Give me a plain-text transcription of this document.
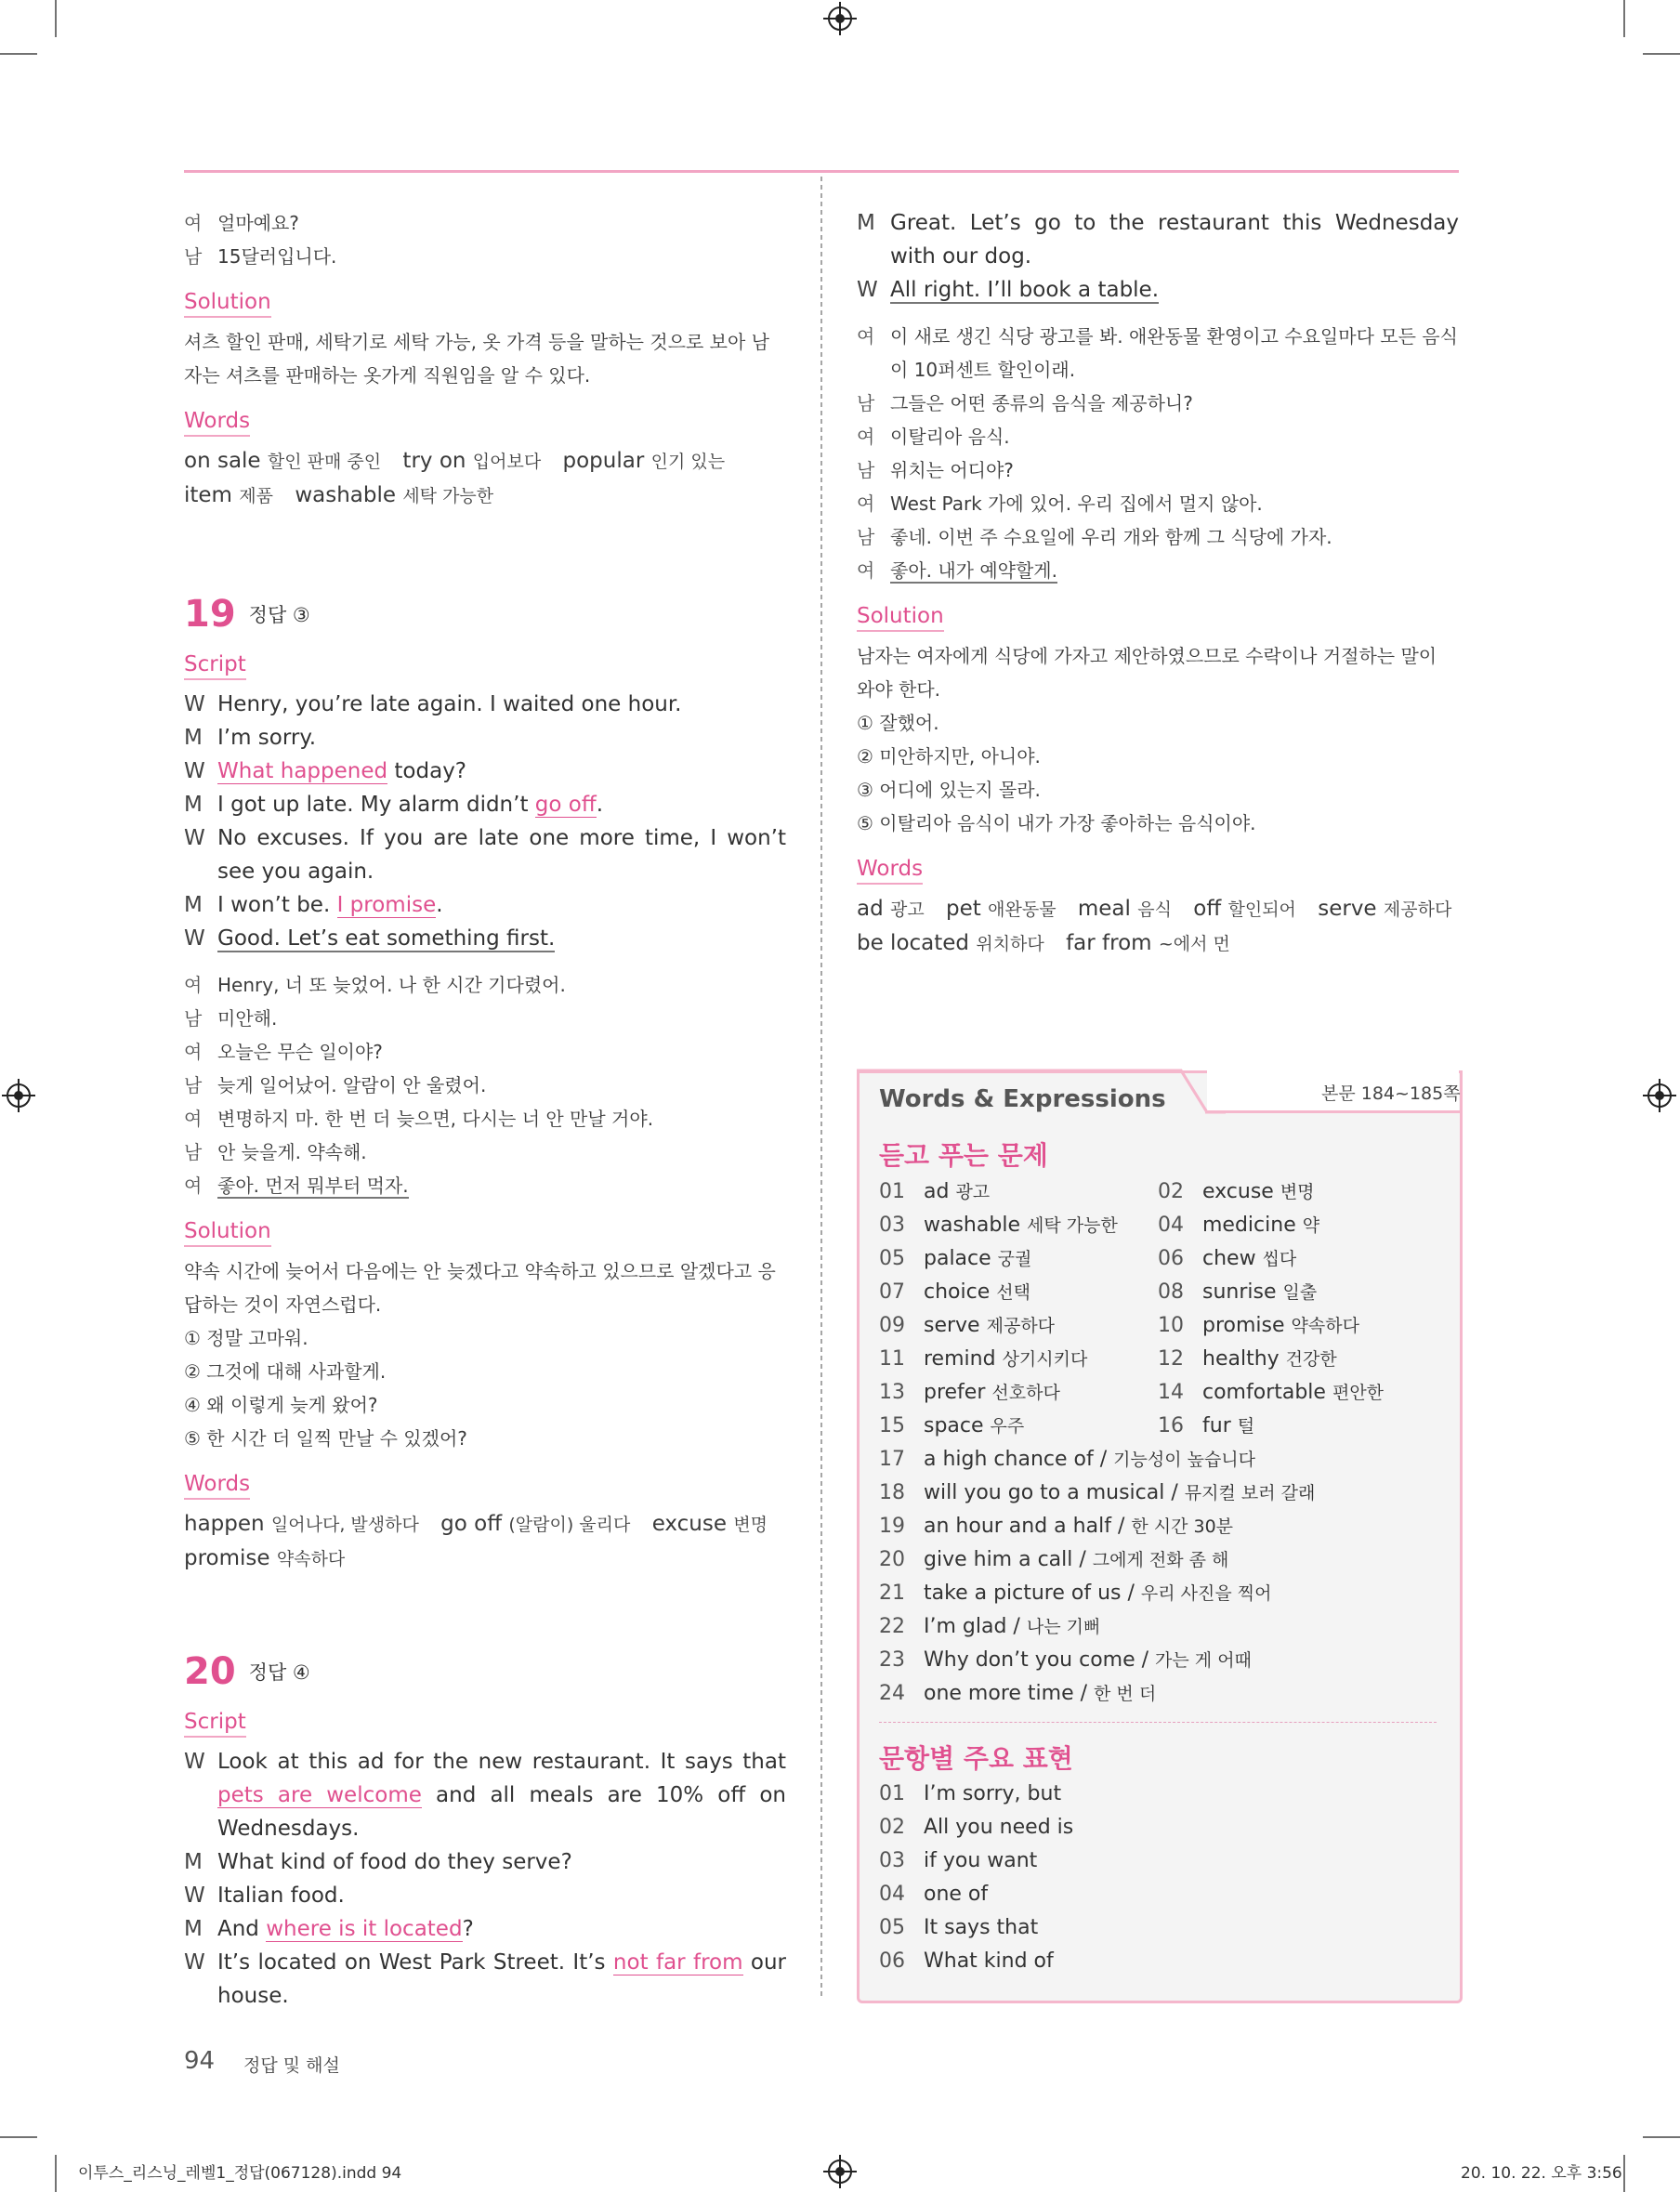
여 얼마예요?
남 15달러입니다.
Solution
셔츠 할인 판매, 세탁기로 세탁 가능, 옷 가격 등을 말하는 것으로 보아 남자는 셔츠를 판매하는 옷가게 직원임을 알 수 있다.
Words
on sale 할인 판매 중인 try on 입어보다 popular 인기 있는
item 제품 washable 세탁 가능한
19 정답 ③
Script
W Henry, you’re late again. I waited one hour.
M I’m sorry.
W What happened today?
M I got up late. My alarm didn’t go off.
W No excuses. If you are late one more time, I won’t see you again.
M I won’t be. I promise.
W Good. Let’s eat something first.
여 Henry, 너 또 늦었어. 나 한 시간 기다렸어.
남 미안해.
여 오늘은 무슨 일이야?
남 늦게 일어났어. 알람이 안 울렸어.
여 변명하지 마. 한 번 더 늦으면, 다시는 너 안 만날 거야.
남 안 늦을게. 약속해.
여 좋아. 먼저 뭐부터 먹자.
Solution
약속 시간에 늦어서 다음에는 안 늦겠다고 약속하고 있으므로 알겠다고 응답하는 것이 자연스럽다.
① 정말 고마워.
② 그것에 대해 사과할게.
④ 왜 이렇게 늦게 왔어?
⑤ 한 시간 더 일찍 만날 수 있겠어?
Words
happen 일어나다, 발생하다 go off (알람이) 울리다 excuse 변명
promise 약속하다
20 정답 ④
Script
W Look at this ad for the new restaurant. It says that pets are welcome and all meals are 10% off on Wednesdays.
M What kind of food do they serve?
W Italian food.
M And where is it located?
W It’s located on West Park Street. It’s not far from our house.
M Great. Let’s go to the restaurant this Wednesday with our dog.
W All right. I’ll book a table.
여 이 새로 생긴 식당 광고를 봐. 애완동물 환영이고 수요일마다 모든 음식이 10퍼센트 할인이래.
남 그들은 어떤 종류의 음식을 제공하니?
여 이탈리아 음식.
남 위치는 어디야?
여 West Park 가에 있어. 우리 집에서 멀지 않아.
남 좋네. 이번 주 수요일에 우리 개와 함께 그 식당에 가자.
여 좋아. 내가 예약할게.
Solution
남자는 여자에게 식당에 가자고 제안하였으므로 수락이나 거절하는 말이 와야 한다.
① 잘했어.
② 미안하지만, 아니야.
③ 어디에 있는지 몰라.
⑤ 이탈리아 음식이 내가 가장 좋아하는 음식이야.
Words
ad 광고 pet 애완동물 meal 음식 off 할인되어 serve 제공하다
be located 위치하다 far from ~에서 먼
Words & Expressions	본문 184~185쪽
듣고 푸는 문제
01 ad 광고
03 washable 세탁 가능한
05 palace 궁궐
07 choice 선택
09 serve 제공하다
11 remind 상기시키다
13 prefer 선호하다
15 space 우주
02 excuse 변명
04 medicine 약
06 chew 씹다
08 sunrise 일출
10 promise 약속하다
12 healthy 건강한
14 comfortable 편안한
16 fur 털
17 a high chance of / 기능성이 높습니다
18 will you go to a musical / 뮤지컬 보러 갈래
19 an hour and a half / 한 시간 30분
20 give him a call / 그에게 전화 좀 해
21 take a picture of us / 우리 사진을 찍어
22 I’m glad / 나는 기뻐
23 Why don’t you come / 가는 게 어때
24 one more time / 한 번 더
문항별 주요 표현
01 I’m sorry, but
02 All you need is
03 if you want
04 one of
05 It says that
06 What kind of
94 정답 및 해설
이투스_리스닝_레벨1_정답(067128).indd 94	20. 10. 22. 오후 3:56
